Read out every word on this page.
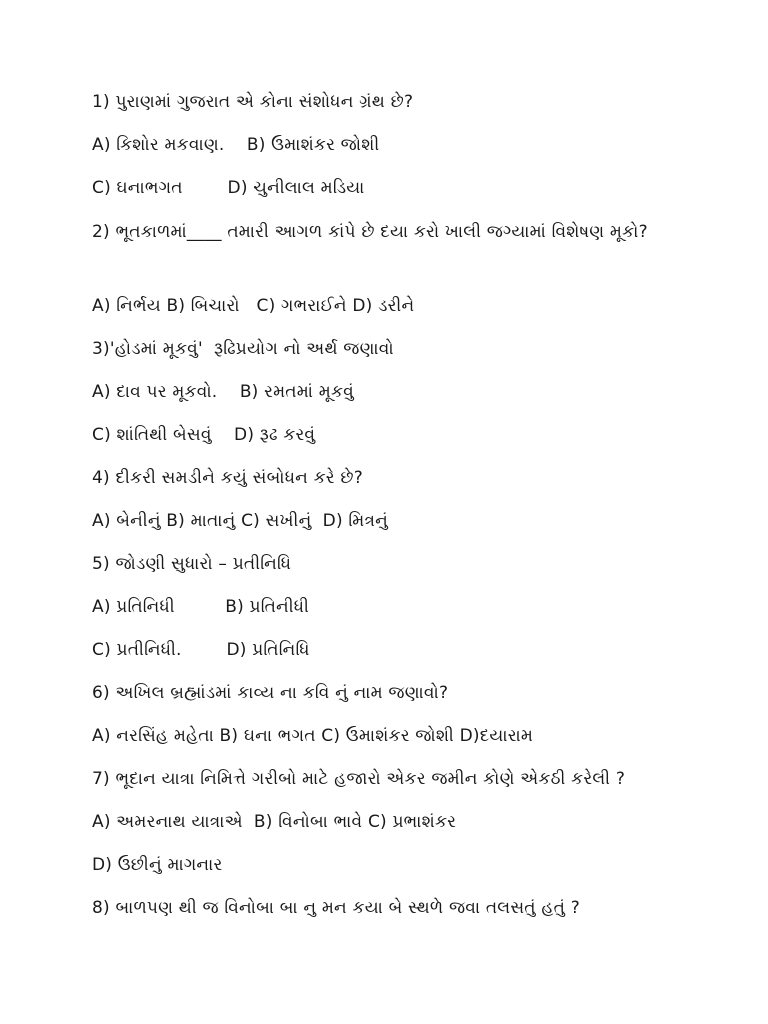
1) પુરાણમાં ગુજરાત એ કોના સંશોધન ગ્રંથ છે?
A) કિશોર મકવાણ.    B) ઉમાશંકર જોશી
C) ઘનાભગત        D) ચુનીલાલ મડિયા
2) ભૂતકાળમાં____ તમારી આગળ કાંપે છે દયા કરો ખાલી જગ્યામાં વિશેષણ મૂકો?
A) નિર્ભય B) બિચારો   C) ગભરાઈને D) ડરીને
3)'હોડમાં મૂકવું'  રૂઢિપ્રયોગ નો અર્થ જણાવો
A) દાવ પર મૂકવો.    B) રમતમાં મૂકવું
C) શાંતિથી બેસવું    D) રૂઢ કરવું
4) દીકરી સમડીને કયું સંબોધન કરે છે?
A) બેનીનું B) માતાનું C) સખીનું  D) મિત્રનું
5) જોડણી સુધારો – પ્રતીનિધિ
A) પ્રતિનિધી         B) પ્રતિનીધી
C) પ્રતીનિધી.        D) પ્રતિનિધિ
6) અખિલ બ્રહ્માંડમાં કાવ્ય ના કવિ નું નામ જણાવો?
A) નરસિંહ મહેતા B) ઘના ભગત C) ઉમાશંકર જોશી D)દયારામ
7) ભૂદાન યાત્રા નિમિત્તે ગરીબો માટે હજારો એકર જમીન કોણે એકઠી કરેલી ?
A) અમરનાથ યાત્રાએ  B) વિનોબા ભાવે C) પ્રભાશંકર
D) ઉછીનું માગનાર
8) બાળપણ થી જ વિનોબા બા નુ મન કયા બે સ્થળે જવા તલસતું હતું ?
